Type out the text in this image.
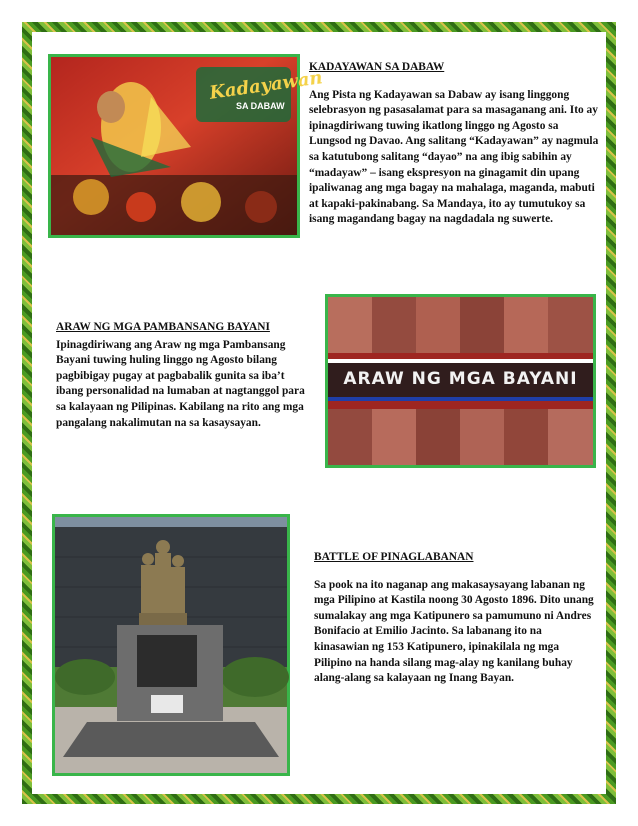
Kadayawan
SA DABAW
KADAYAWAN SA DABAW

Ang Pista ng Kadayawan sa Dabaw ay isang linggong selebrasyon ng pasasalamat para sa masaganang ani. Ito ay ipinagdiriwang tuwing ikatlong linggo ng Agosto sa Lungsod ng Davao. Ang salitang “Kadayawan” ay nagmula sa katutubong salitang “dayao” na ang ibig sabihin ay “madayaw” – isang ekspresyon na ginagamit din upang ipaliwanag ang mga bagay na mahalaga, maganda, mabuti at kapaki-pakinabang. Sa Mandaya, ito ay tumutukoy sa isang magandang bagay na nagdadala ng suwerte.

ARAW NG MGA PAMBANSANG BAYANI

Ipinagdiriwang ang Araw ng mga Pambansang Bayani tuwing huling linggo ng Agosto bilang pagbibigay pugay at pagbabalik gunita sa iba’t ibang personalidad na lumaban at nagtanggol para sa kalayaan ng Pilipinas. Kabilang na rito ang mga pangalang nakalimutan na sa kasaysayan.

ARAW NG MGA BAYANI
BATTLE OF PINAGLABANAN

Sa pook na ito naganap ang makasaysayang labanan ng mga Pilipino at Kastila noong 30 Agosto 1896. Dito unang sumalakay ang mga Katipunero sa pamumuno ni Andres Bonifacio at Emilio Jacinto. Sa labanang ito na kinasawian ng 153 Katipunero, ipinakilala ng mga Pilipino na handa silang mag-alay ng kanilang buhay alang-alang sa kalayaan ng Inang Bayan.
